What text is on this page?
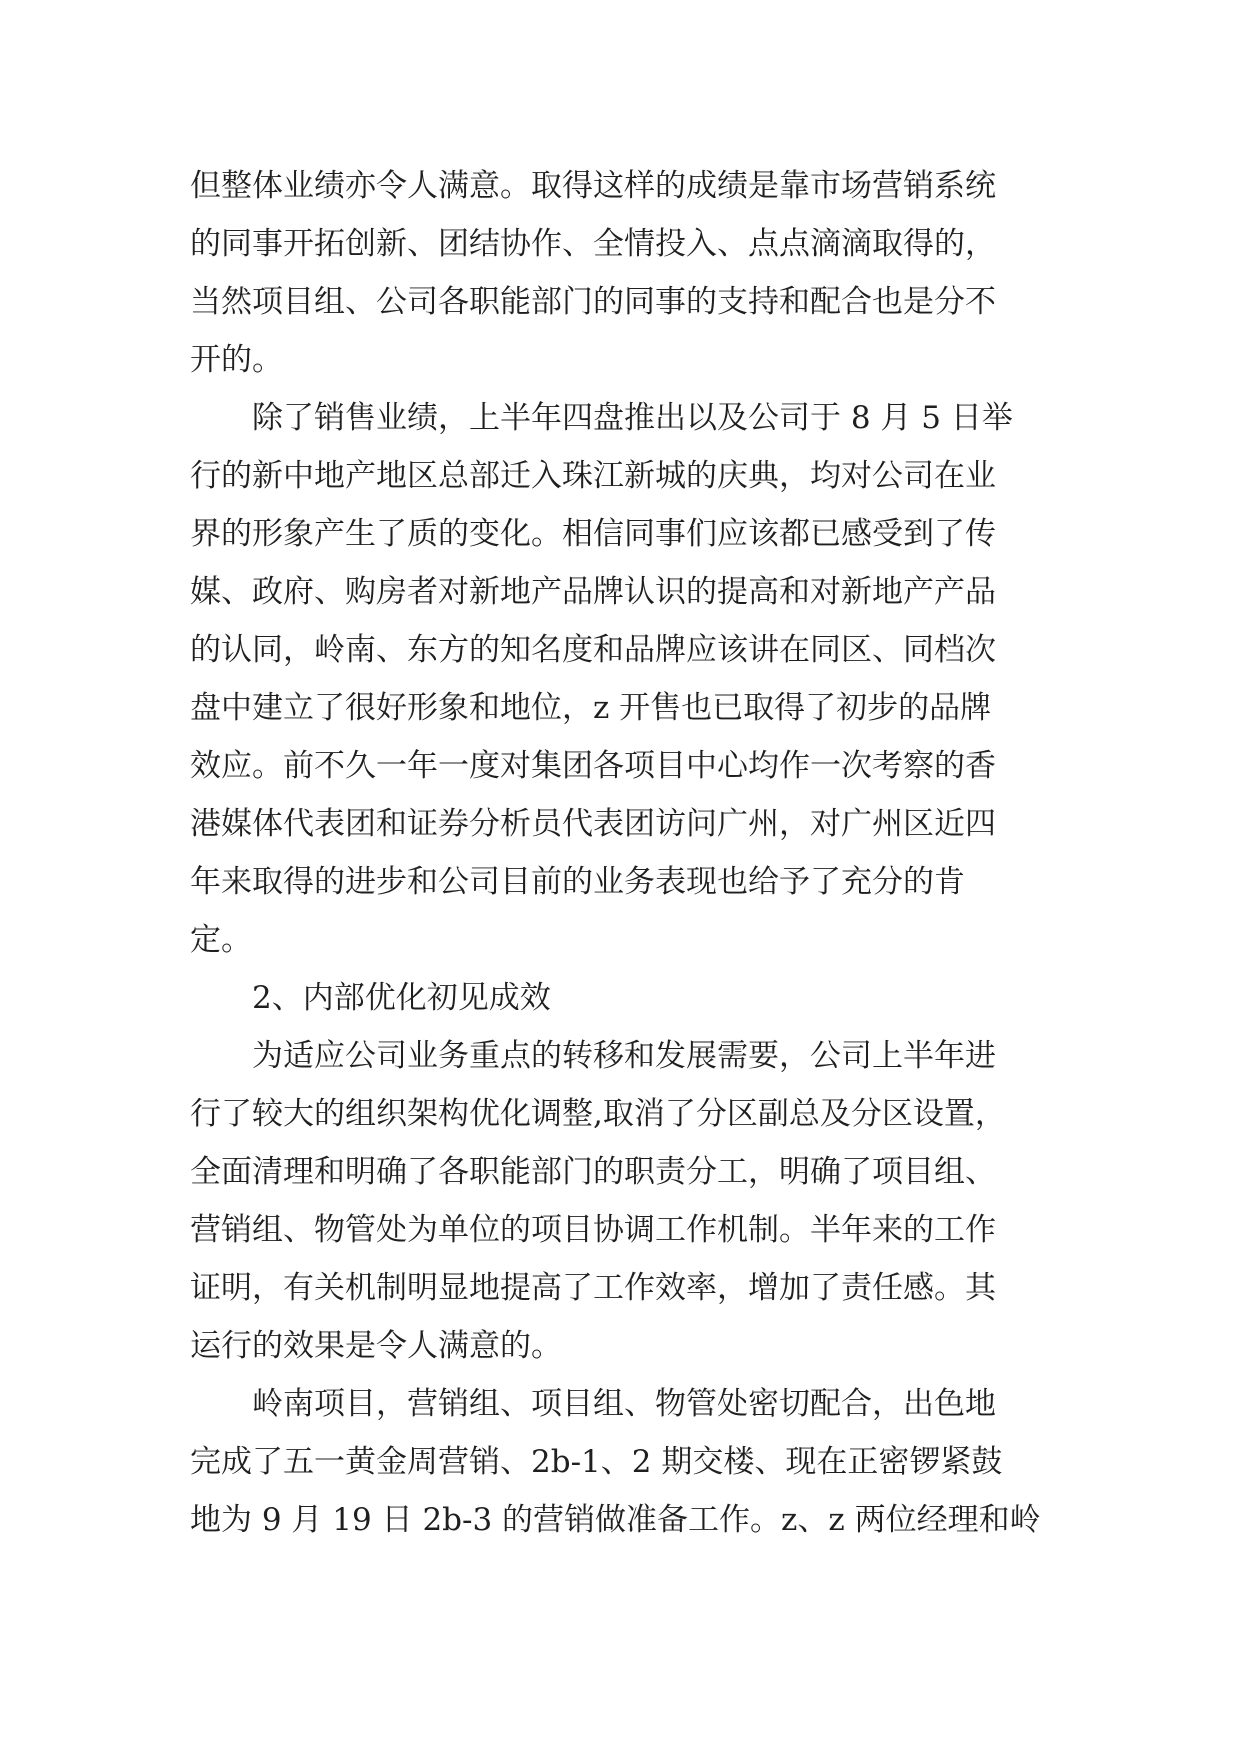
但整体业绩亦令人满意。取得这样的成绩是靠市场营销系统
的同事开拓创新、团结协作、全情投入、点点滴滴取得的，
当然项目组、公司各职能部门的同事的支持和配合也是分不
开的。
除了销售业绩，上半年四盘推出以及公司于 8 月 5 日举
行的新中地产地区总部迁入珠江新城的庆典，均对公司在业
界的形象产生了质的变化。相信同事们应该都已感受到了传
媒、政府、购房者对新地产品牌认识的提高和对新地产产品
的认同，岭南、东方的知名度和品牌应该讲在同区、同档次
盘中建立了很好形象和地位，z 开售也已取得了初步的品牌
效应。前不久一年一度对集团各项目中心均作一次考察的香
港媒体代表团和证券分析员代表团访问广州，对广州区近四
年来取得的进步和公司目前的业务表现也给予了充分的肯
定。
2、内部优化初见成效
为适应公司业务重点的转移和发展需要，公司上半年进
行了较大的组织架构优化调整,取消了分区副总及分区设置，
全面清理和明确了各职能部门的职责分工，明确了项目组、
营销组、物管处为单位的项目协调工作机制。半年来的工作
证明，有关机制明显地提高了工作效率，增加了责任感。其
运行的效果是令人满意的。
岭南项目，营销组、项目组、物管处密切配合，出色地
完成了五一黄金周营销、2b-1、2 期交楼、现在正密锣紧鼓
地为 9 月 19 日 2b-3 的营销做准备工作。z、z 两位经理和岭
